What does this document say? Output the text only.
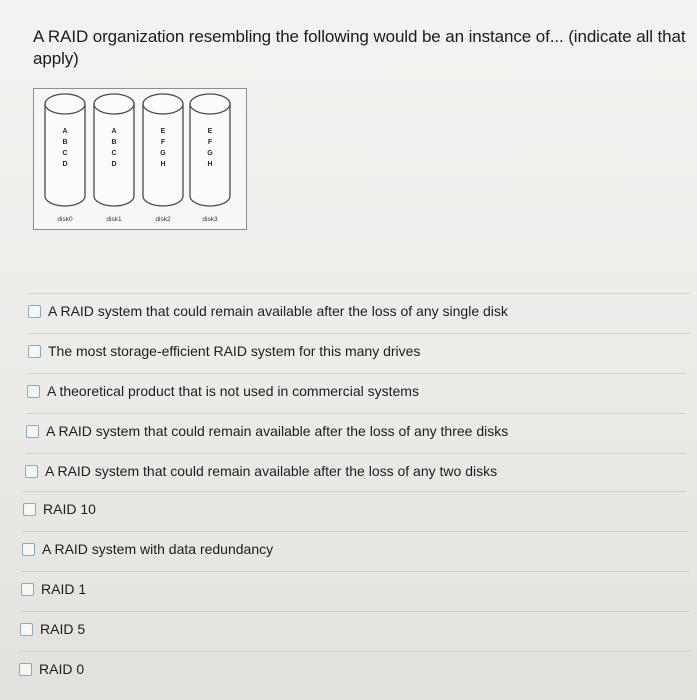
A RAID organization resembling the following would be an instance of... (indicate all that apply)
A
B
C
D
disk0
A
B
C
D
disk1
E
F
G
H
disk2
E
F
G
H
disk3
A RAID system that could remain available after the loss of any single disk
The most storage-efficient RAID system for this many drives
A theoretical product that is not used in commercial systems
A RAID system that could remain available after the loss of any three disks
A RAID system that could remain available after the loss of any two disks
RAID 10
A RAID system with data redundancy
RAID 1
RAID 5
RAID 0
